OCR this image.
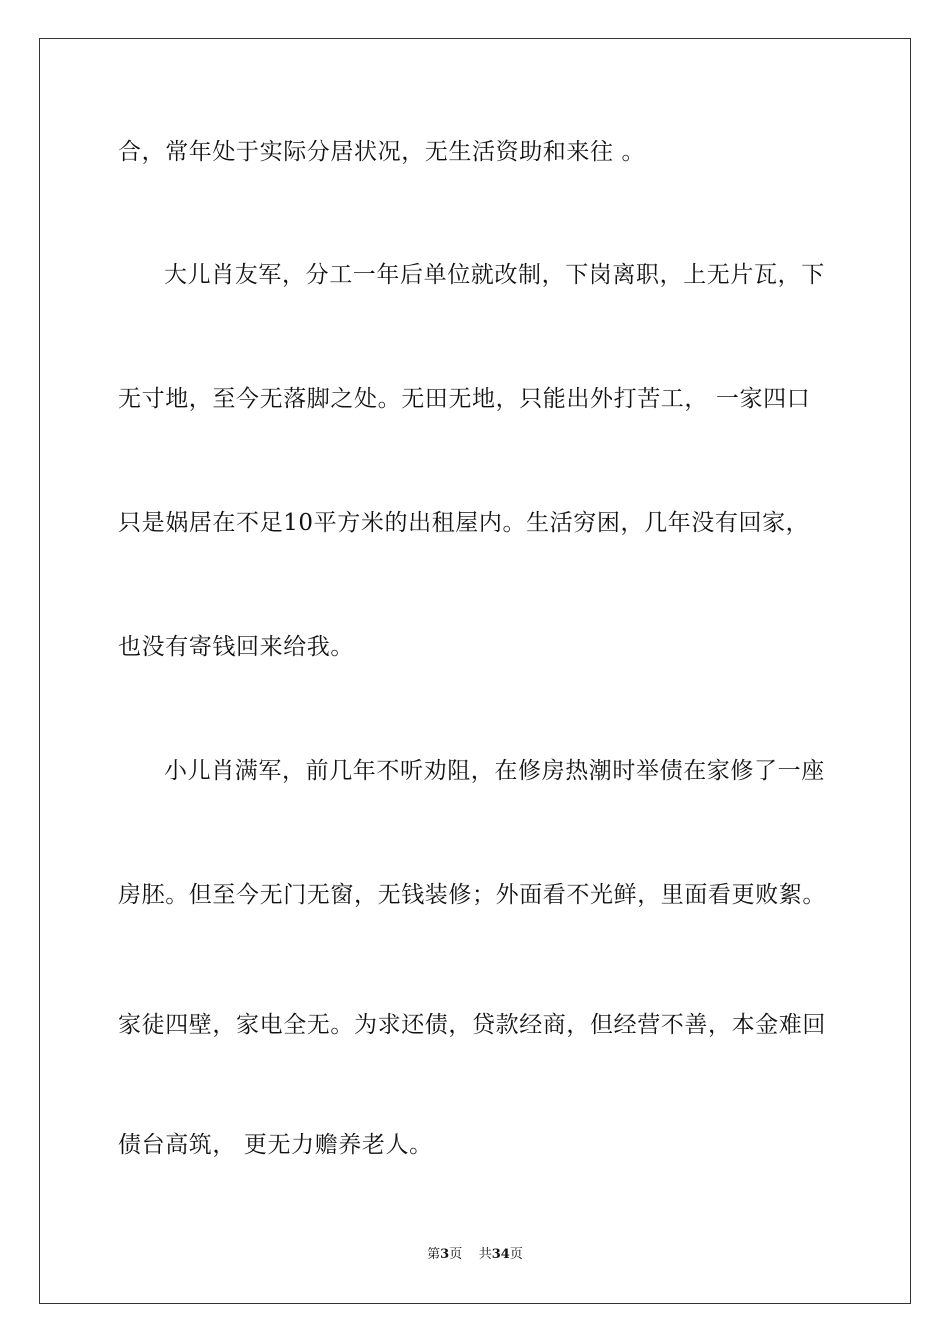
合，常年处于实际分居状况，无生活资助和来往 。
大儿肖友军，分工一年后单位就改制，下岗离职，上无片瓦，下
无寸地，至今无落脚之处。无田无地，只能出外打苦工， 一家四口
只是娲居在不足10平方米的出租屋内。生活穷困，几年没有回家，
也没有寄钱回来给我。
小儿肖满军，前几年不听劝阻，在修房热潮时举债在家修了一座
房胚。但至今无门无窗，无钱装修；外面看不光鲜，里面看更败絮。
家徒四壁，家电全无。为求还债，贷款经商，但经营不善，本金难回
债台高筑， 更无力赡养老人。
第3页 共34页
